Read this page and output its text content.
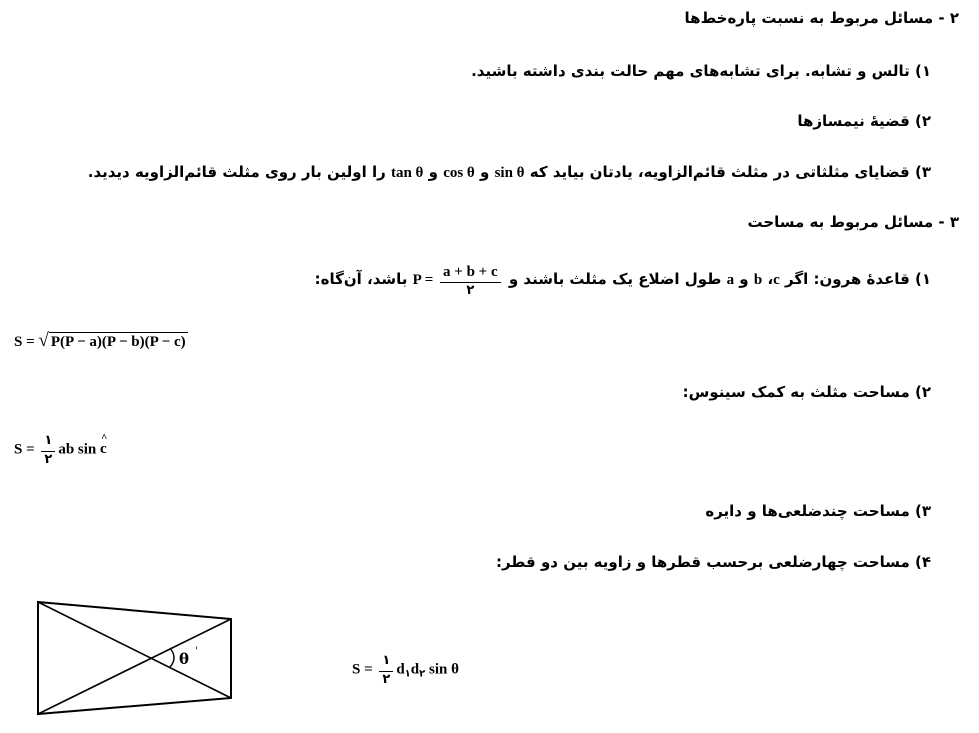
۲ - مسائل مربوط به نسبت پاره‌خط‌ها
۱) تالس و تشابه. برای تشابه‌های مهم حالت بندی داشته باشید.
۲) قضیهٔ نیمسازها
۳) قضایای مثلثاتی در مثلث قائم‌الزاویه، یادتان بیاید که sin θ و cos θ و tan θ را اولین بار روی مثلث قائم‌الزاویه دیدید.
۳ - مسائل مربوط به مساحت
۱) قاعدهٔ هرون: اگر c، b و a طول اضلاع یک مثلث باشند و $P = \frac{a + b + c}{۲}$
باشد، آن‌گاه:
S = √ P(P − a)(P − b)(P − c)
۲) مساحت مثلث به کمک سینوس:
$S = \frac{۱}{۲}$ ab sin c ^
۳) مساحت چندضلعی‌ها و دایره
۴) مساحت چهارضلعی برحسب قطرها و زاویه بین دو قطر:
θ '
$S = \frac{۱}{۲} d_۱d_۲$ sin θ
